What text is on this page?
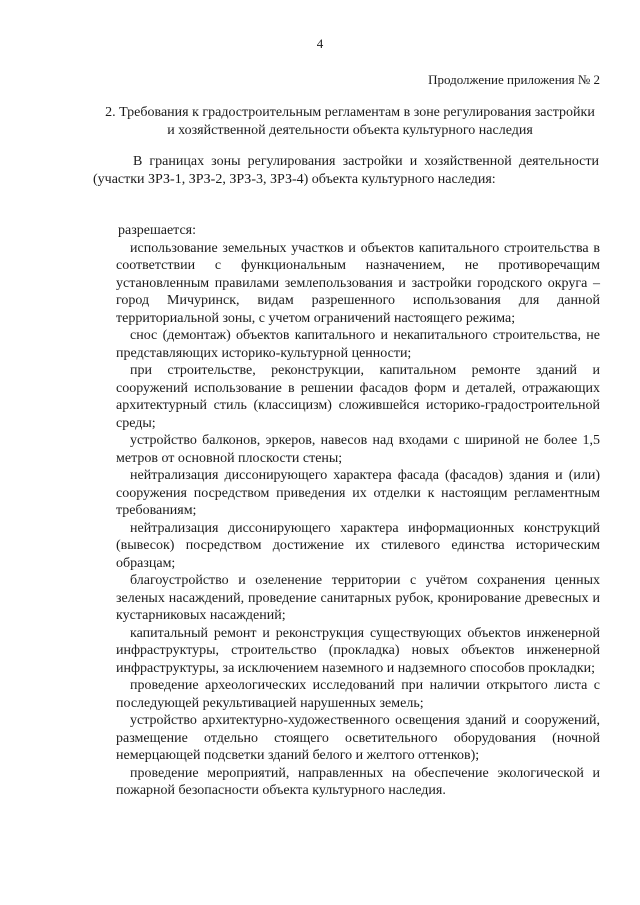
4
Продолжение приложения № 2
2. Требования к градостроительным регламентам в зоне регулирования застройки и хозяйственной деятельности объекта культурного наследия

В границах зоны регулирования застройки и хозяйственной деятельности (участки ЗРЗ-1, ЗРЗ-2, ЗРЗ-3, ЗРЗ-4) объекта культурного наследия:

разрешается:

использование земельных участков и объектов капитального строительства в соответствии с функциональным назначением, не противоречащим установленным правилами землепользования и застройки городского округа – город Мичуринск, видам разрешенного использования для данной территориальной зоны, с учетом ограничений настоящего режима;

снос (демонтаж) объектов капитального и некапитального строительства, не представляющих историко-культурной ценности;

при строительстве, реконструкции, капитальном ремонте зданий и сооружений использование в решении фасадов форм и деталей, отражающих архитектурный стиль (классицизм) сложившейся историко-градостроительной среды;

устройство балконов, эркеров, навесов над входами с шириной не более 1,5 метров от основной плоскости стены;

нейтрализация диссонирующего характера фасада (фасадов) здания и (или) сооружения посредством приведения их отделки к настоящим регламентным требованиям;

нейтрализация диссонирующего характера информационных конструкций (вывесок) посредством достижение их стилевого единства историческим образцам;

благоустройство и озеленение территории с учётом сохранения ценных зеленых насаждений, проведение санитарных рубок, кронирование древесных и кустарниковых насаждений;

капитальный ремонт и реконструкция существующих объектов инженерной инфраструктуры, строительство (прокладка) новых объектов инженерной инфраструктуры, за исключением наземного и надземного способов прокладки;

проведение археологических исследований при наличии открытого листа с последующей рекультивацией нарушенных земель;

устройство архитектурно-художественного освещения зданий и сооружений, размещение отдельно стоящего осветительного оборудования (ночной немерцающей подсветки зданий белого и желтого оттенков);

проведение мероприятий, направленных на обеспечение экологической и пожарной безопасности объекта культурного наследия.
